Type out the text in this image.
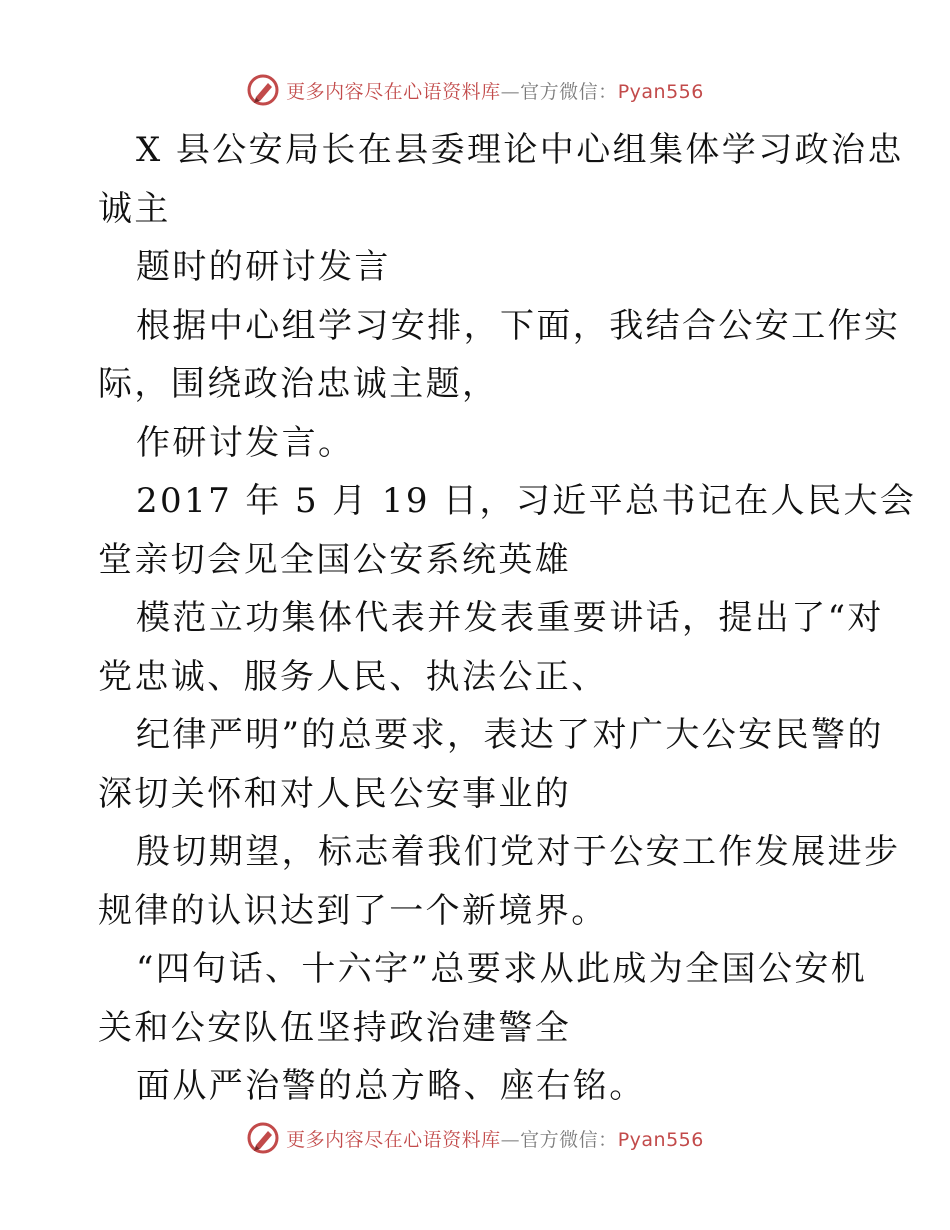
更多内容尽在心语资料库—官方微信：Pyan556
X 县公安局长在县委理论中心组集体学习政治忠
诚主
题时的研讨发言
根据中心组学习安排，下面，我结合公安工作实
际，围绕政治忠诚主题，
作研讨发言。
2017 年 5 月 19 日，习近平总书记在人民大会
堂亲切会见全国公安系统英雄
模范立功集体代表并发表重要讲话，提出了“对
党忠诚、服务人民、执法公正、
纪律严明”的总要求，表达了对广大公安民警的
深切关怀和对人民公安事业的
殷切期望，标志着我们党对于公安工作发展进步
规律的认识达到了一个新境界。
“四句话、十六字”总要求从此成为全国公安机
关和公安队伍坚持政治建警全
面从严治警的总方略、座右铭。
更多内容尽在心语资料库—官方微信：Pyan556
